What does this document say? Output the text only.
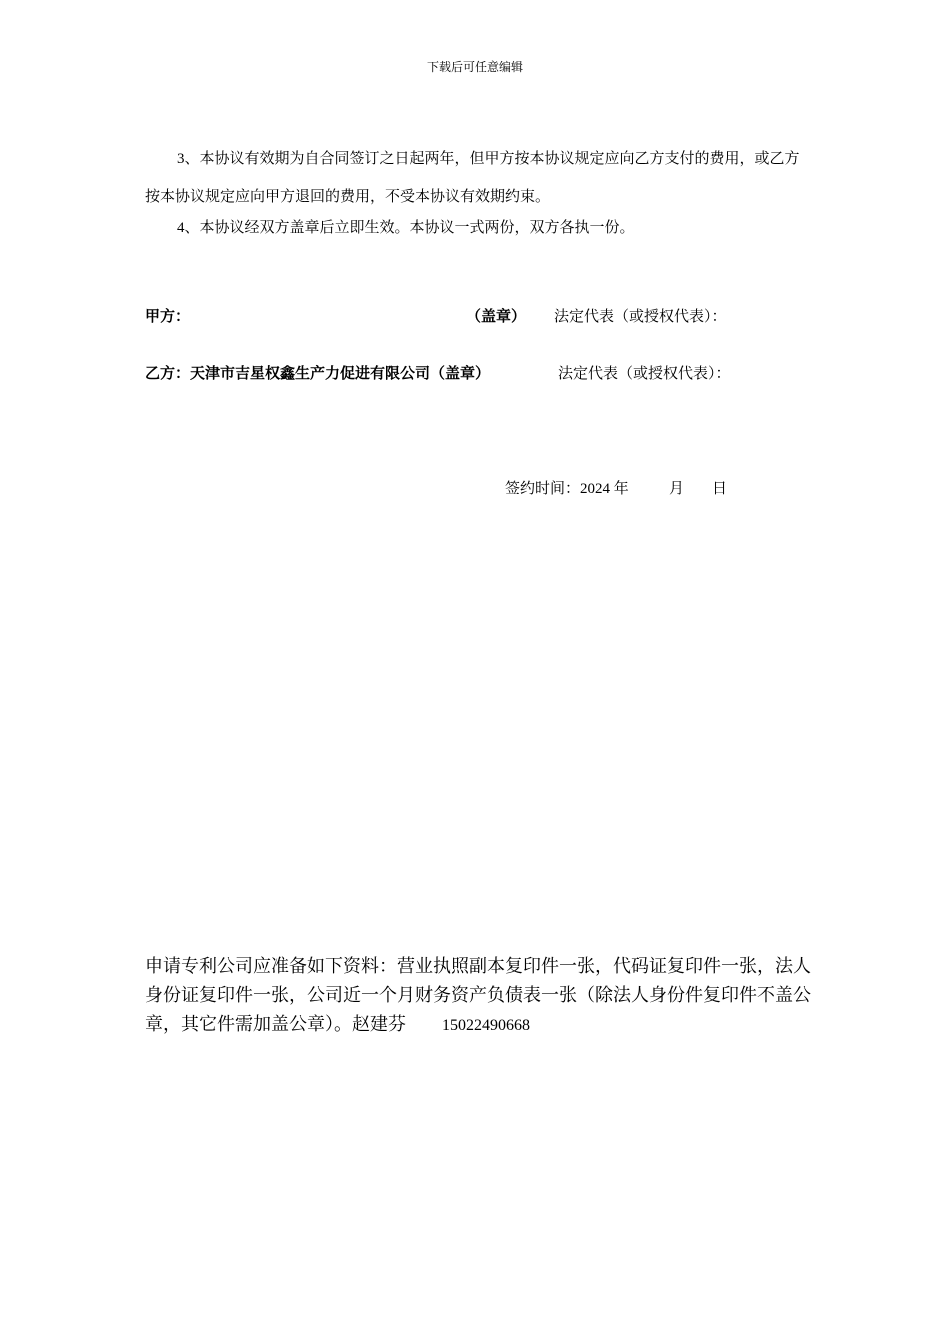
下载后可任意编辑
3、本协议有效期为自合同签订之日起两年，但甲方按本协议规定应向乙方支付的费用，或乙方按本协议规定应向甲方退回的费用，不受本协议有效期约束。
4、本协议经双方盖章后立即生效。本协议一式两份，双方各执一份。
甲方：	（盖章） 法定代表（或授权代表）：
乙方：天津市吉星权鑫生产力促进有限公司（盖章）	法定代表（或授权代表）：
签约时间：2024 年	月 日
申请专利公司应准备如下资料：营业执照副本复印件一张，代码证复印件一张，法人身份证复印件一张，公司近一个月财务资产负债表一张（除法人身份件复印件不盖公章，其它件需加盖公章）。赵建芬 15022490668
